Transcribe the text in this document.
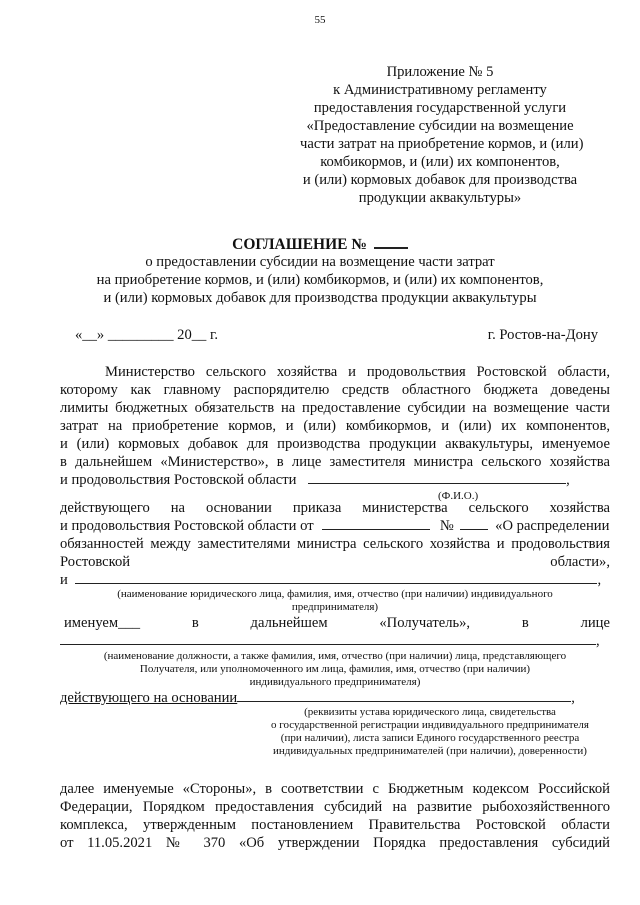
55
Приложение № 5
к Административному регламенту
предоставления государственной услуги
«Предоставление субсидии на возмещение
части затрат на приобретение кормов, и (или)
комбикормов, и (или) их компонентов,
и (или) кормовых добавок для производства
продукции аквакультуры»
СОГЛАШЕНИЕ №
о предоставлении субсидии на возмещение части затрат
на приобретение кормов, и (или) комбикормов, и (или) их компонентов,
и (или) кормовых добавок для производства продукции аквакультуры
«__» _________ 20__ г.	г. Ростов-на-Дону
Министерство сельского хозяйства и продовольствия Ростовской области,
которому как главному распорядителю средств областного бюджета доведены
лимиты бюджетных обязательств на предоставление субсидии на возмещение части
затрат на приобретение кормов, и (или) комбикормов, и (или) их компонентов,
и (или) кормовых добавок для производства продукции аквакультуры, именуемое
в дальнейшем «Министерство», в лице заместителя министра сельского хозяйства
и продовольствия Ростовской области	,
(Ф.И.О.)
действующего на основании приказа министерства сельского хозяйства
и продовольствия Ростовской области от	№	«О распределении
обязанностей между заместителями министра сельского хозяйства и продовольствия
Ростовской	области»,
и	,
(наименование юридического лица, фамилия, имя, отчество (при наличии) индивидуального
предпринимателя)
именуем___	в	дальнейшем	«Получатель»,	в	лице
,
(наименование должности, а также фамилия, имя, отчество (при наличии) лица, представляющего
Получателя, или уполномоченного им лица, фамилия, имя, отчество (при наличии)
индивидуального предпринимателя)
действующего на основании	,
(реквизиты устава юридического лица, свидетельства
о государственной регистрации индивидуального предпринимателя
(при наличии), листа записи Единого государственного реестра
индивидуальных предпринимателей (при наличии), доверенности)
далее именуемые «Стороны», в соответствии с Бюджетным кодексом Российской
Федерации, Порядком предоставления субсидий на развитие рыбохозяйственного
комплекса, утвержденным постановлением Правительства Ростовской области
от 11.05.2021 № 370 «Об утверждении Порядка предоставления субсидий
